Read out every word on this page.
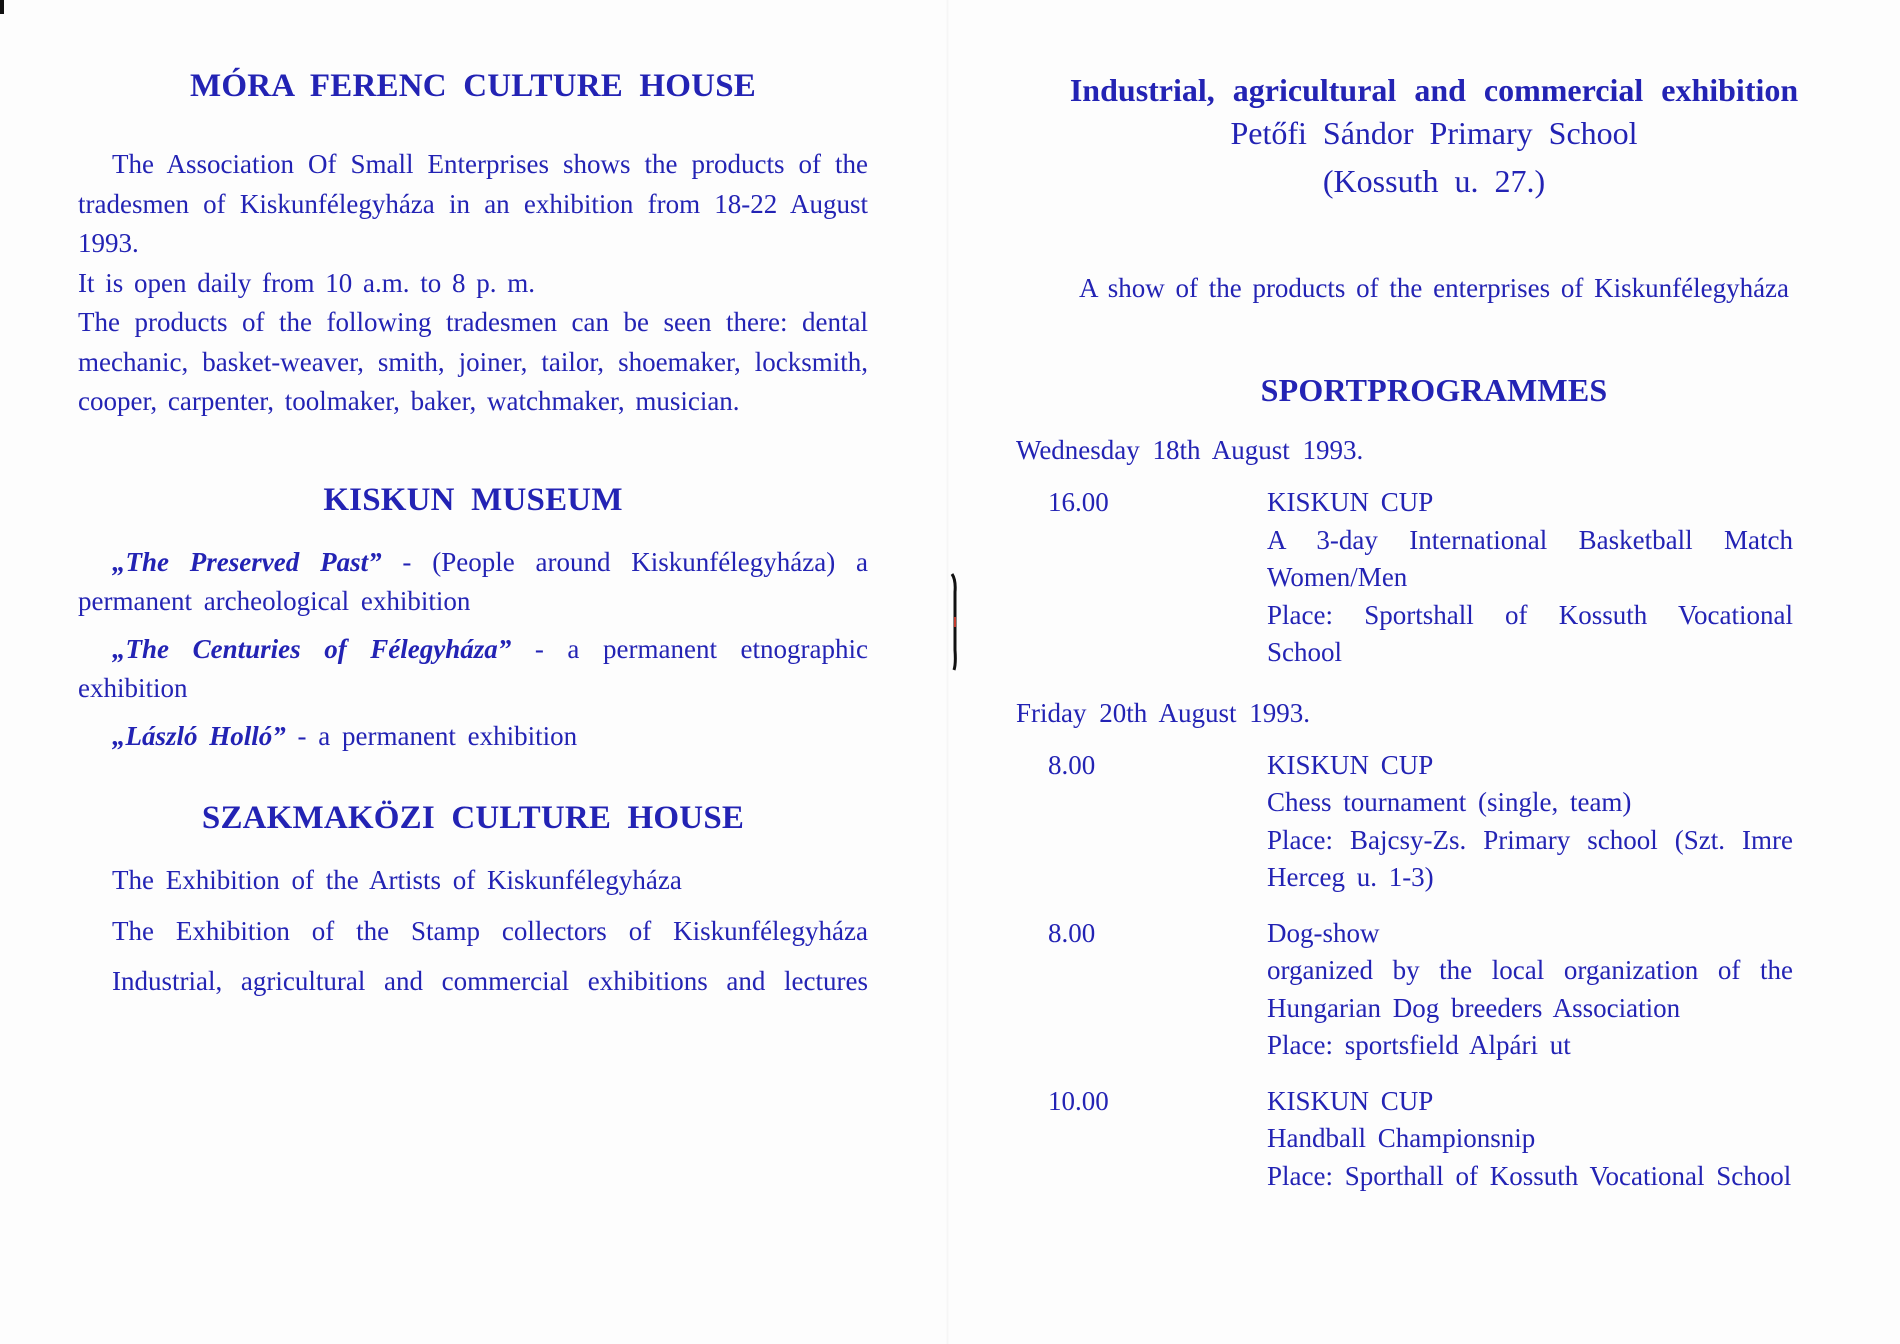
MÓRA FERENC CULTURE HOUSE

The Association Of Small Enterprises shows the products of the tradesmen of Kiskunfélegyháza in an exhibition from 18-22 August 1993.

It is open daily from 10 a.m. to 8 p. m.

The products of the following tradesmen can be seen there: dental mechanic, basket-weaver, smith, joiner, tailor, shoemaker, locksmith, cooper, carpenter, toolmaker, baker, watchmaker, musician.

KISKUN MUSEUM

„The Preserved Past” - (People around Kiskunfélegyháza) a permanent archeological exhibition

„The Centuries of Félegyháza” - a permanent etnographic exhibition

„László Holló” - a permanent exhibition

SZAKMAKÖZI CULTURE HOUSE

The Exhibition of the Artists of Kiskunfélegyháza

The Exhibition of the Stamp collectors of Kiskunfélegyháza

Industrial, agricultural and commercial exhibitions and lectures

Industrial, agricultural and commercial exhibition
Petőfi Sándor Primary School
(Kossuth u. 27.)
A show of the products of the enterprises of Kiskunfélegyháza
SPORTPROGRAMMES
Wednesday 18th August 1993.
16.00	KISKUN CUP
A 3-day International Basketball Match Women/Men
Place: Sportshall of Kossuth Vocational School
Friday 20th August 1993.
8.00	KISKUN CUP
Chess tournament (single, team)
Place: Bajcsy-Zs. Primary school (Szt. Imre Herceg u. 1-3)
8.00	Dog-show
organized by the local organization of the Hungarian Dog breeders Association
Place: sportsfield Alpári ut
10.00	KISKUN CUP
Handball Championsnip
Place: Sporthall of Kossuth Vocational School
